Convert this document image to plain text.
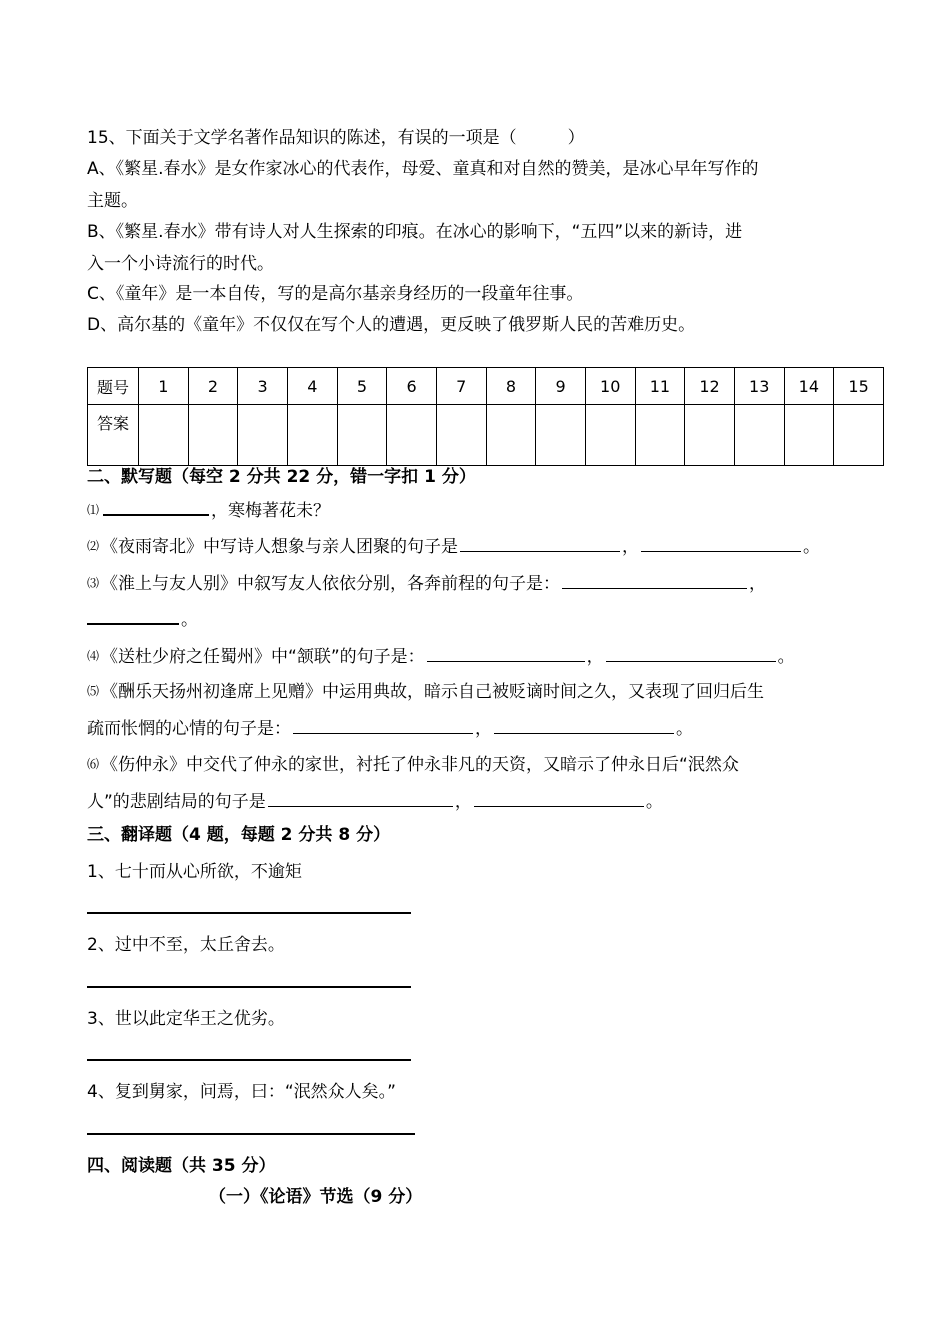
15、下面关于文学名著作品知识的陈述，有误的一项是（　　　）
A、《繁星.春水》是女作家冰心的代表作，母爱、童真和对自然的赞美，是冰心早年写作的
主题。
B、《繁星.春水》带有诗人对人生探索的印痕。在冰心的影响下，“五四”以来的新诗，进
入一个小诗流行的时代。
C、《童年》是一本自传，写的是高尔基亲身经历的一段童年往事。
D、高尔基的《童年》不仅仅在写个人的遭遇，更反映了俄罗斯人民的苦难历史。
题号	1	2	3	4	5	6	7	8	9	10	11	12	13	14	15
答案															
二、默写题（每空 2 分共 22 分，错一字扣 1 分）
⑴	，寒梅著花未？
⑵ 《夜雨寄北》中写诗人想象与亲人团聚的句子是	，	。
⑶ 《淮上与友人别》中叙写友人依依分别，各奔前程的句子是：	，
。
⑷ 《送杜少府之任蜀州》中“颔联”的句子是：	，	。
⑸ 《酬乐天扬州初逢席上见赠》中运用典故，暗示自己被贬谪时间之久，又表现了回归后生
疏而怅惘的心情的句子是：	，	。
⑹ 《伤仲永》中交代了仲永的家世，衬托了仲永非凡的天资，又暗示了仲永日后“泯然众
人”的悲剧结局的句子是	，	。
三、翻译题（4 题，每题 2 分共 8 分）
1、七十而从心所欲，不逾矩
2、过中不至，太丘舍去。
3、世以此定华王之优劣。
4、复到舅家，问焉，曰：“泯然众人矣。”
四、阅读题（共 35 分）
（一）《论语》节选（9 分）
